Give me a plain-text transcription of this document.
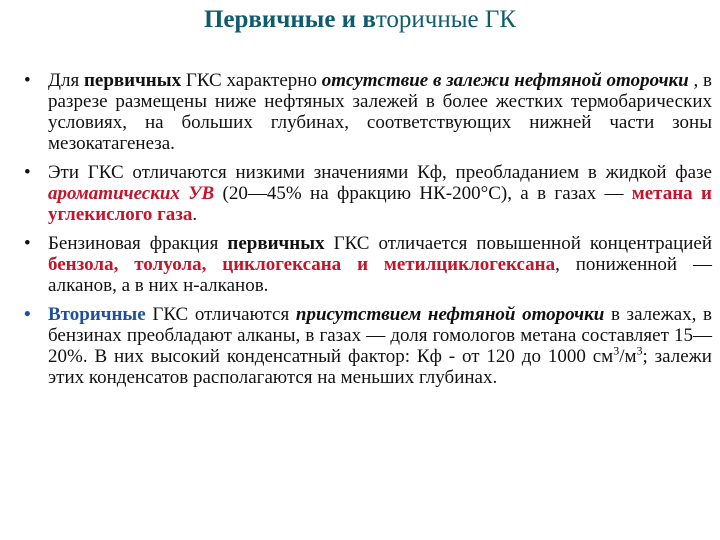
Первичные и вторичные ГК
• Для первичных ГКС характерно отсутствие в залежи нефтяной оторочки , в разрезе размещены ниже нефтяных залежей в более жестких термобарических условиях, на больших глубинах, соответствующих нижней части зоны мезокатагенеза.
• Эти ГКС отличаются низкими значениями Кф, преобладанием в жидкой фазе ароматических УВ (20—45% на фракцию НК-200°С), а в газах — метана и углекислого газа.
• Бензиновая фракция первичных ГКС отличается повышенной концентрацией бензола, толуола, циклогексана и метилциклогексана, пониженной — алканов, а в них н-алканов.
• Вторичные ГКС отличаются присутствием нефтяной оторочки в залежах, в бензинах преобладают алканы, в газах — доля гомологов метана составляет 15—20%. В них высокий конденсатный фактор: Кф - от 120 до 1000 $см^3/м^3$; залежи этих конденсатов располагаются на меньших глубинах.
